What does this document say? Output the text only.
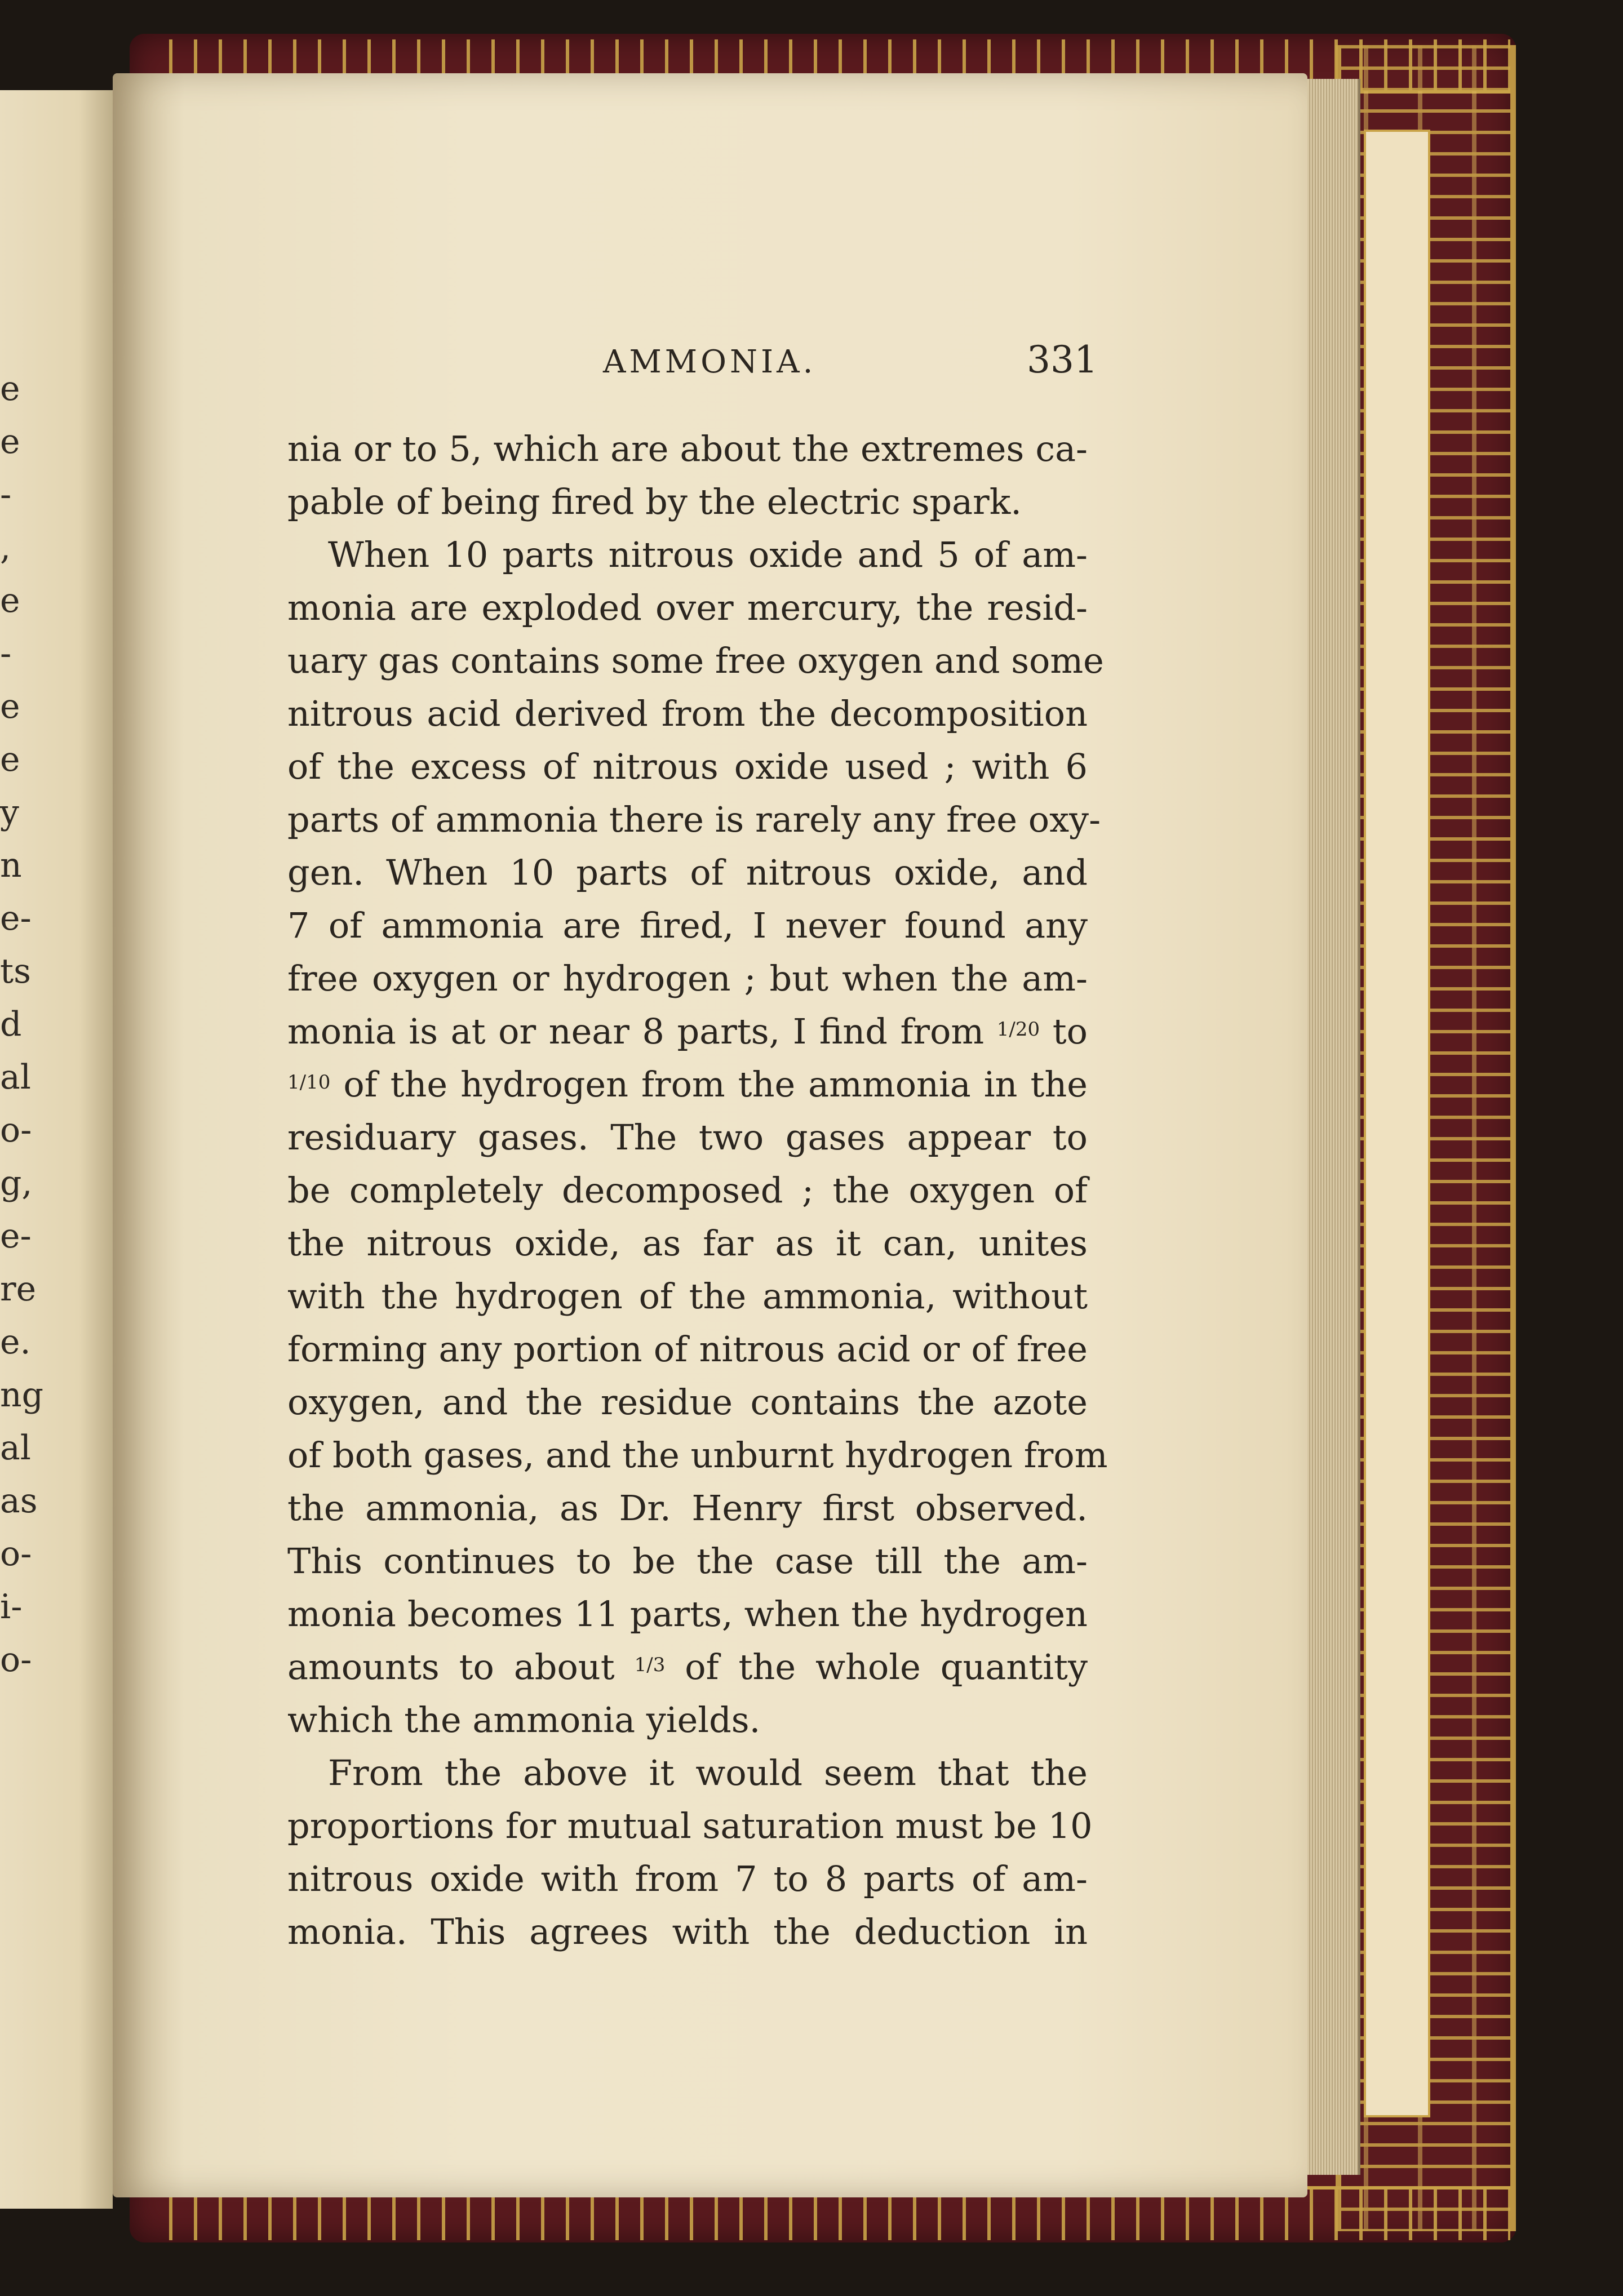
e
e
-
,
e
-
e
e
y
n
e-
ts
d
al
o-
g,
e-
re
e.
ng
al
as
o-
i-
o-
AMMONIA.	331
nia or to 5, which are about the extremes ca-
pable of being fired by the electric spark.
When 10 parts nitrous oxide and 5 of am-
monia are exploded over mercury, the resid-
uary gas contains some free oxygen and some
nitrous acid derived from the decomposition
of the excess of nitrous oxide used ; with 6
parts of ammonia there is rarely any free oxy-
gen. When 10 parts of nitrous oxide, and
7 of ammonia are fired, I never found any
free oxygen or hydrogen ; but when the am-
monia is at or near 8 parts, I find from 1/20 to
1/10 of the hydrogen from the ammonia in the
residuary gases. The two gases appear to
be completely decomposed ; the oxygen of
the nitrous oxide, as far as it can, unites
with the hydrogen of the ammonia, without
forming any portion of nitrous acid or of free
oxygen, and the residue contains the azote
of both gases, and the unburnt hydrogen from
the ammonia, as Dr. Henry first observed.
This continues to be the case till the am-
monia becomes 11 parts, when the hydrogen
amounts to about 1/3 of the whole quantity
which the ammonia yields.
From the above it would seem that the
proportions for mutual saturation must be 10
nitrous oxide with from 7 to 8 parts of am-
monia. This agrees with the deduction in
